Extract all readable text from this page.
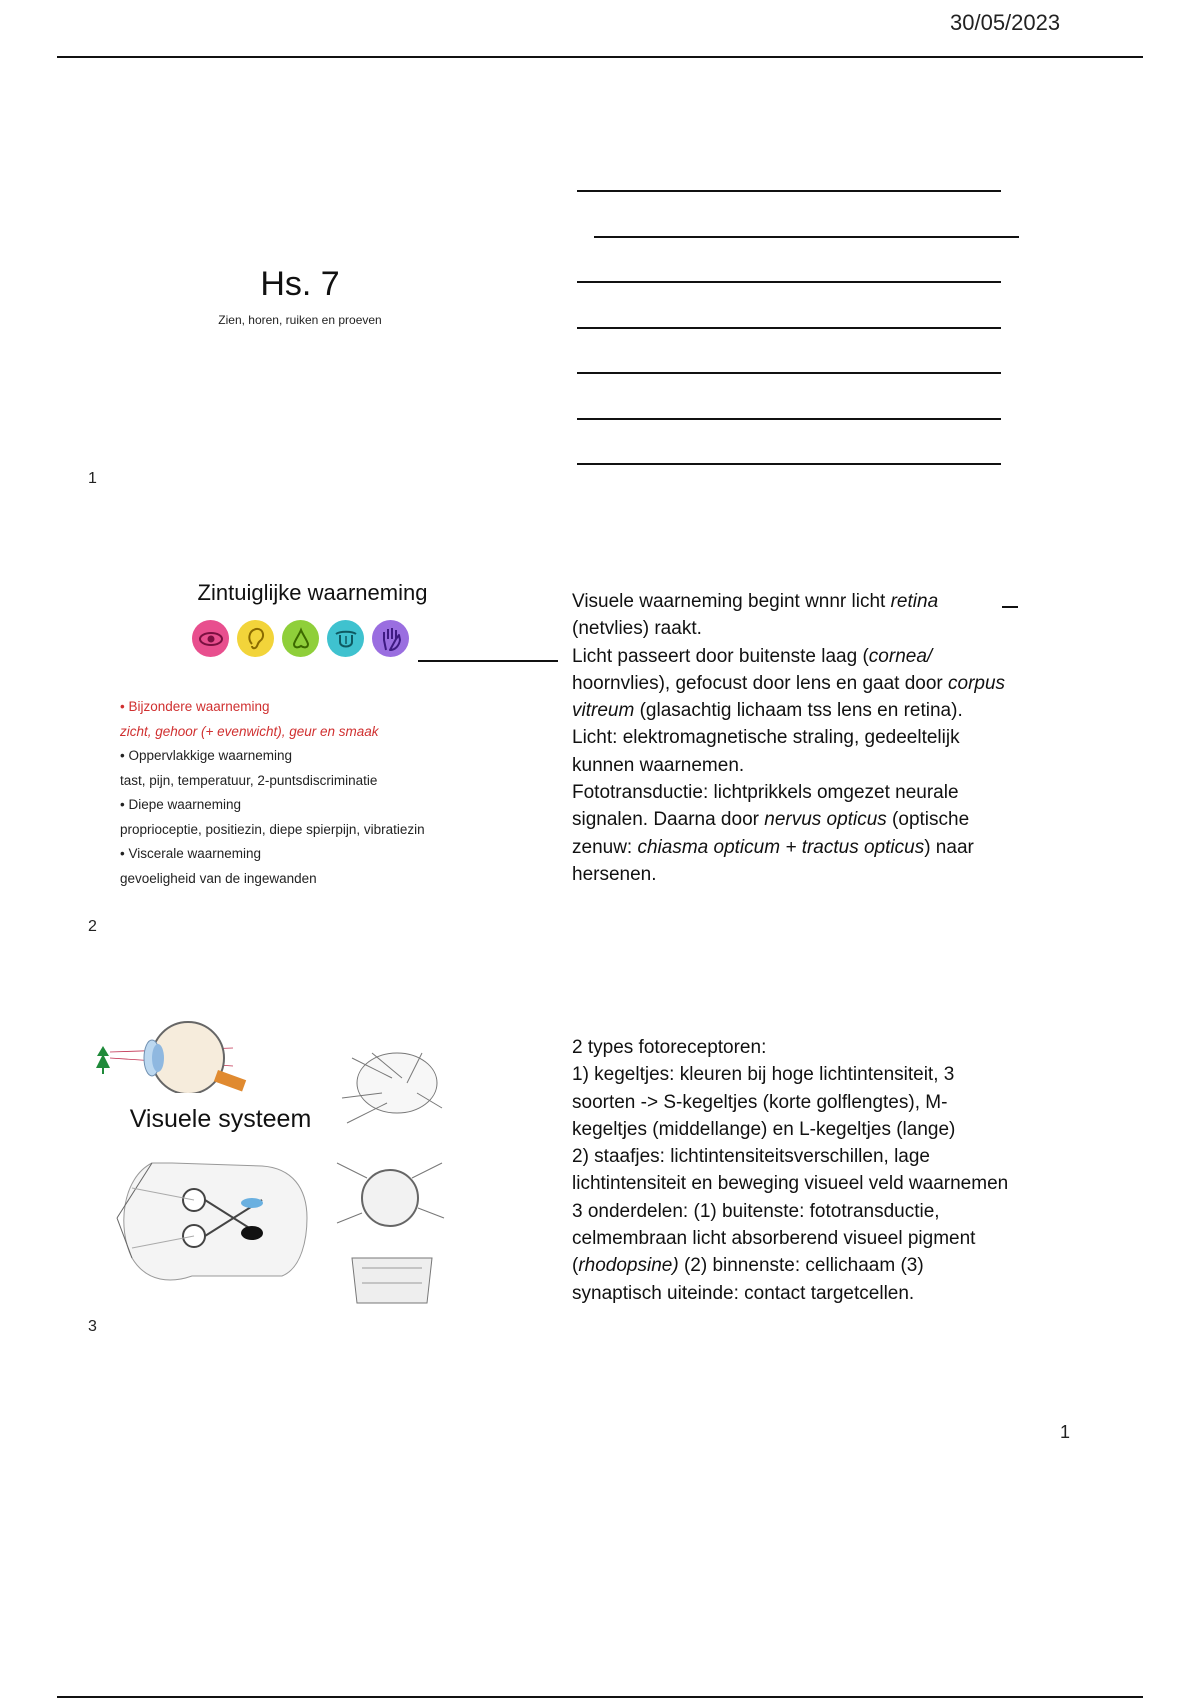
30/05/2023
Hs. 7
Zien, horen, ruiken en proeven
1
Zintuiglijke waarneming
• Bijzondere waarneming
zicht, gehoor (+ evenwicht), geur en smaak
• Oppervlakkige waarneming
tast, pijn, temperatuur, 2-puntsdiscriminatie
• Diepe waarneming
proprioceptie, positiezin, diepe spierpijn, vibratiezin
• Viscerale waarneming
gevoeligheid van de ingewanden
2
Visuele waarneming begint wnnr licht retina (netvlies) raakt.
Licht passeert door buitenste laag (cornea/ hoornvlies), gefocust door lens en gaat door corpus vitreum (glasachtig lichaam tss lens en retina).
Licht: elektromagnetische straling, gedeeltelijk kunnen waarnemen.
Fototransductie: lichtprikkels omgezet neurale signalen. Daarna door nervus opticus (optische zenuw: chiasma opticum + tractus opticus) naar hersenen.
Visuele systeem
3
2 types fotoreceptoren:
1) kegeltjes: kleuren bij hoge lichtintensiteit, 3 soorten -> S-kegeltjes (korte golflengtes), M-kegeltjes (middellange) en L-kegeltjes (lange)
2) staafjes: lichtintensiteitsverschillen, lage lichtintensiteit en beweging visueel veld waarnemen
3 onderdelen: (1) buitenste: fototransductie, celmembraan licht absorberend visueel pigment (rhodopsine) (2) binnenste: cellichaam (3) synaptisch uiteinde: contact targetcellen.
1
